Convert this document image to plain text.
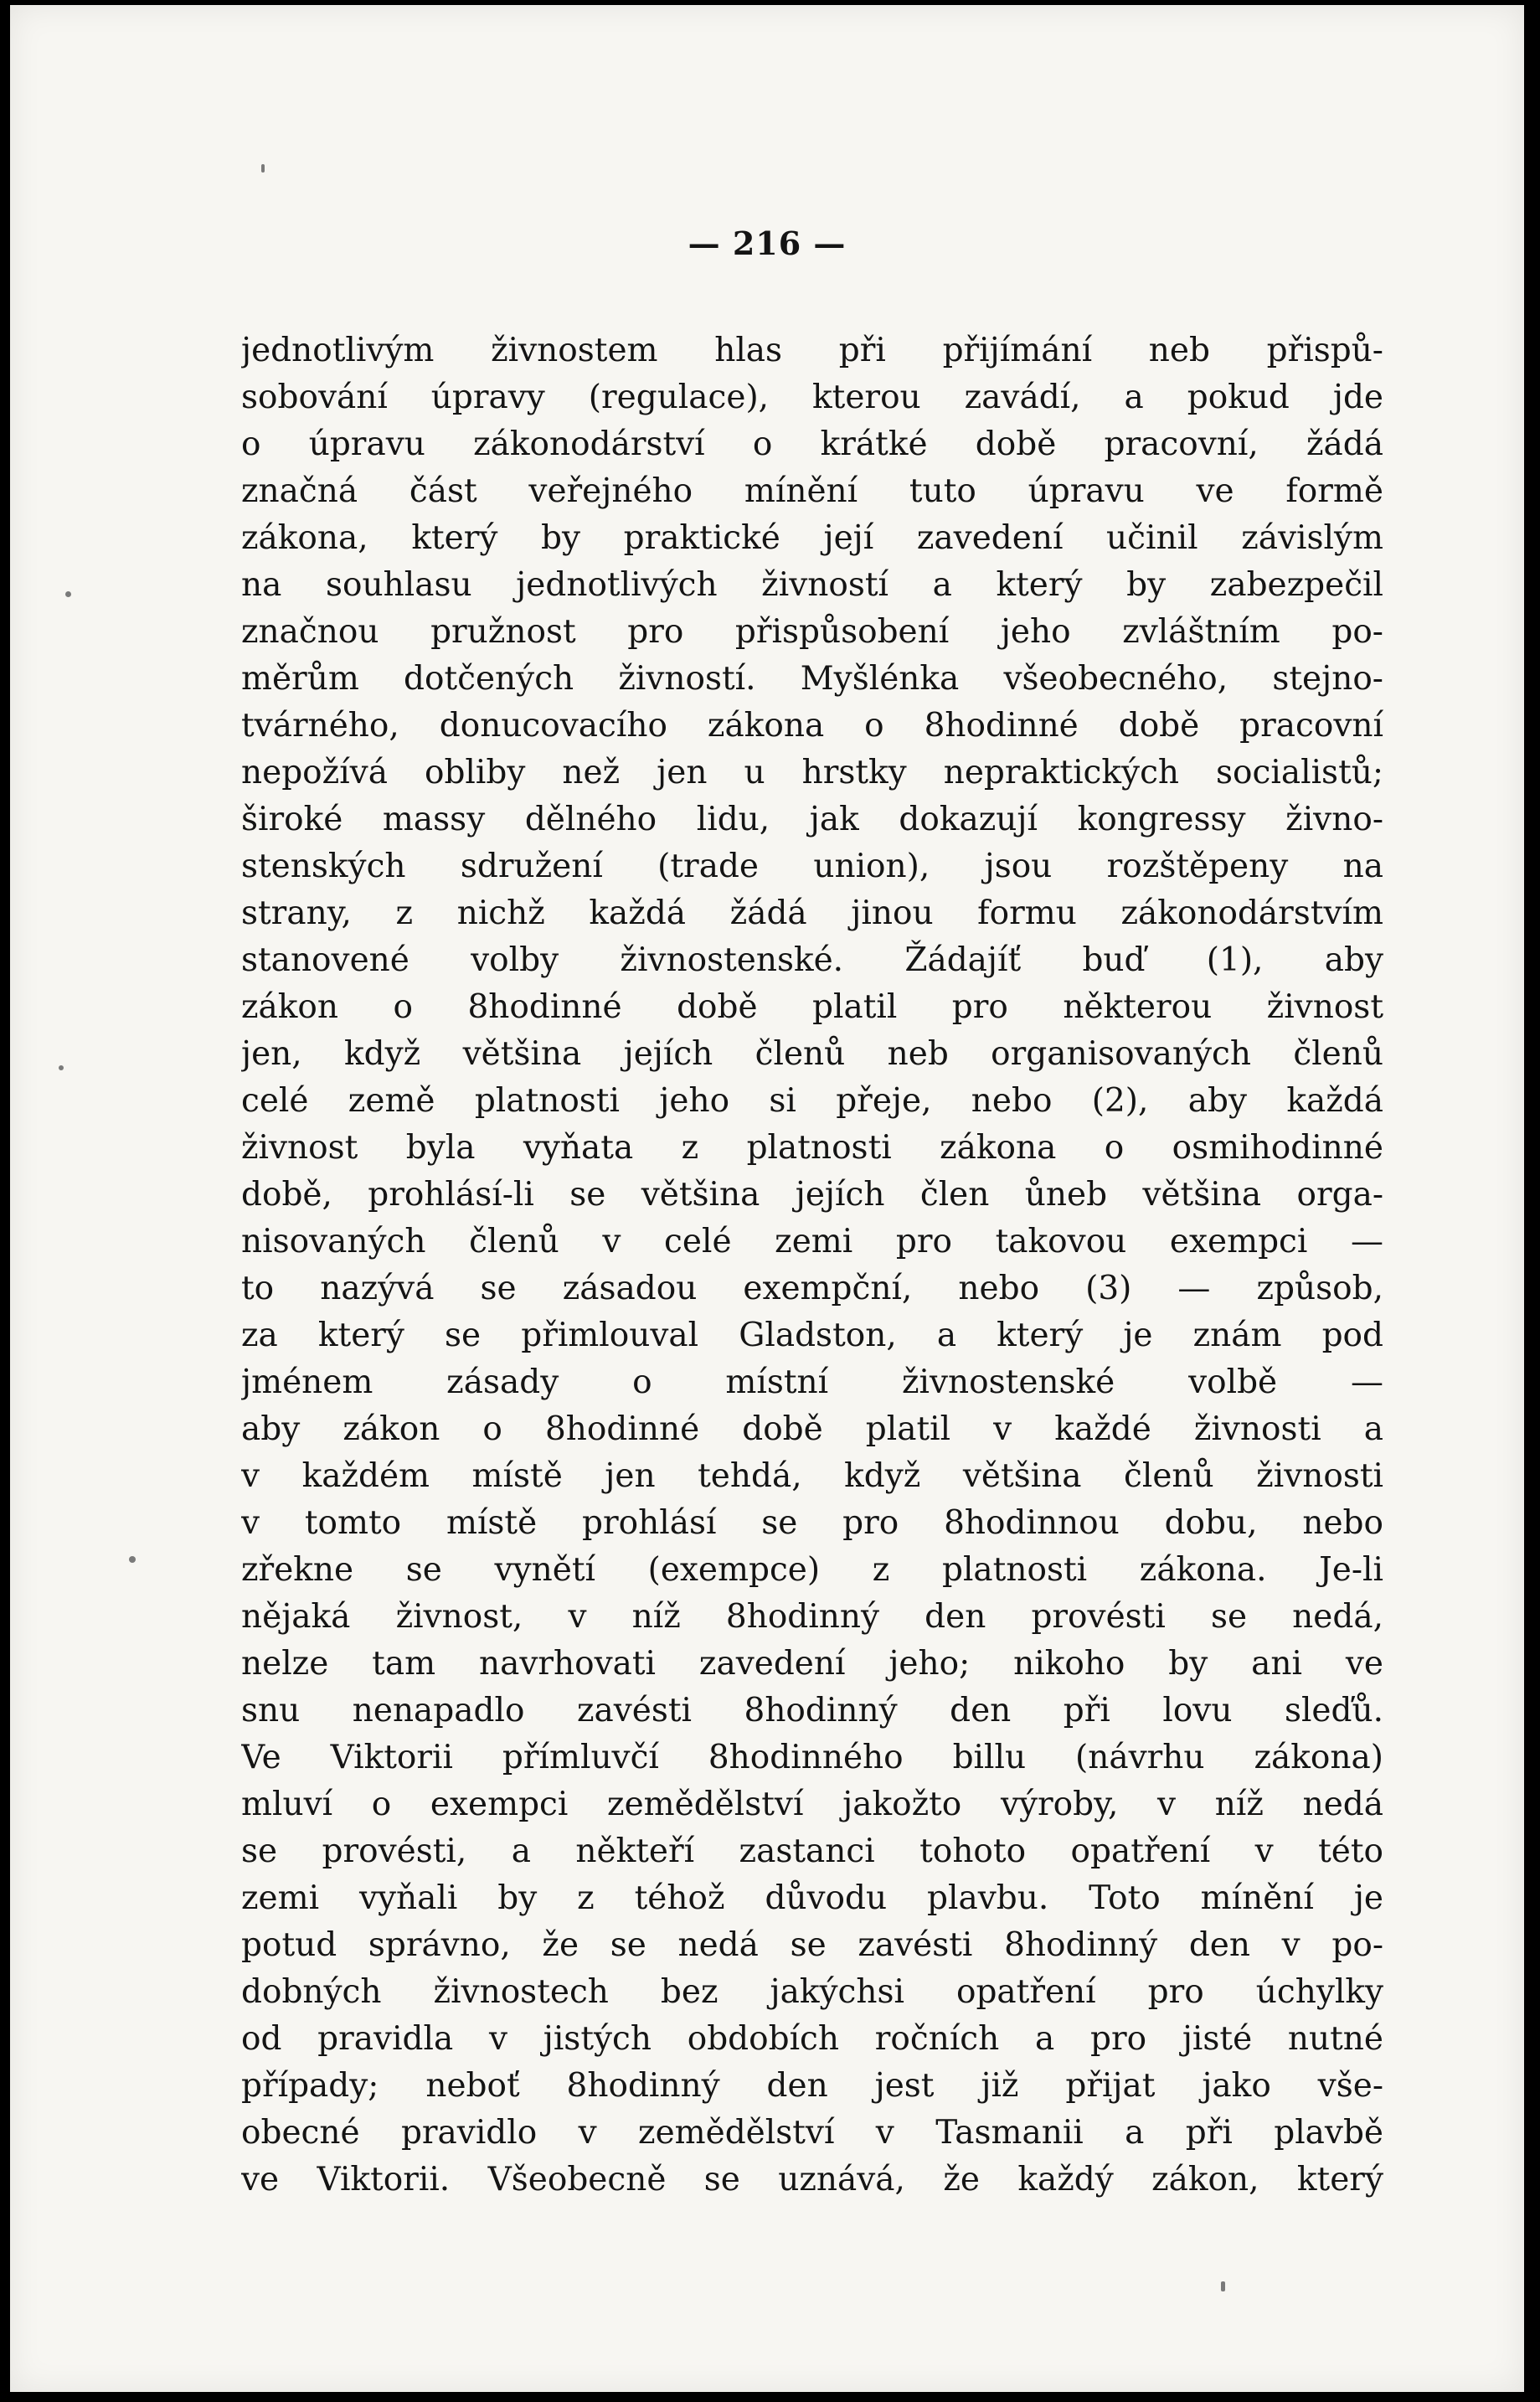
— 216 —
jednotlivým živnostem hlas při přijímání neb přispů-
sobování úpravy (regulace), kterou zavádí, a pokud jde
o úpravu zákonodárství o krátké době pracovní, žádá
značná část veřejného mínění tuto úpravu ve formě
zákona, který by praktické její zavedení učinil závislým
na souhlasu jednotlivých živností a který by zabezpečil
značnou pružnost pro přispůsobení jeho zvláštním po-
měrům dotčených živností. Myšlénka všeobecného, stejno-
tvárného, donucovacího zákona o 8hodinné době pracovní
nepožívá obliby než jen u hrstky nepraktických socialistů;
široké massy dělného lidu, jak dokazují kongressy živno-
stenských sdružení (trade union), jsou rozštěpeny na
strany, z nichž každá žádá jinou formu zákonodárstvím
stanovené volby živnostenské. Žádajíť buď (1), aby
zákon o 8hodinné době platil pro některou živnost
jen, když většina jejích členů neb organisovaných členů
celé země platnosti jeho si přeje, nebo (2), aby každá
živnost byla vyňata z platnosti zákona o osmihodinné
době, prohlásí-li se většina jejích člen ůneb většina orga-
nisovaných členů v celé zemi pro takovou exempci —
to nazývá se zásadou exempční, nebo (3) — způsob,
za který se přimlouval Gladston, a který je znám pod
jménem zásady o místní živnostenské volbě —
aby zákon o 8hodinné době platil v každé živnosti a
v každém místě jen tehdá, když většina členů živnosti
v tomto místě prohlásí se pro 8hodinnou dobu, nebo
zřekne se vynětí (exempce) z platnosti zákona. Je-li
nějaká živnost, v níž 8hodinný den provésti se nedá,
nelze tam navrhovati zavedení jeho; nikoho by ani ve
snu nenapadlo zavésti 8hodinný den při lovu sleďů.
Ve Viktorii přímluvčí 8hodinného billu (návrhu zákona)
mluví o exempci zemědělství jakožto výroby, v níž nedá
se provésti, a někteří zastanci tohoto opatření v této
zemi vyňali by z téhož důvodu plavbu. Toto mínění je
potud správno, že se nedá se zavésti 8hodinný den v po-
dobných živnostech bez jakýchsi opatření pro úchylky
od pravidla v jistých obdobích ročních a pro jisté nutné
případy; neboť 8hodinný den jest již přijat jako vše-
obecné pravidlo v zemědělství v Tasmanii a při plavbě
ve Viktorii. Všeobecně se uznává, že každý zákon, který
